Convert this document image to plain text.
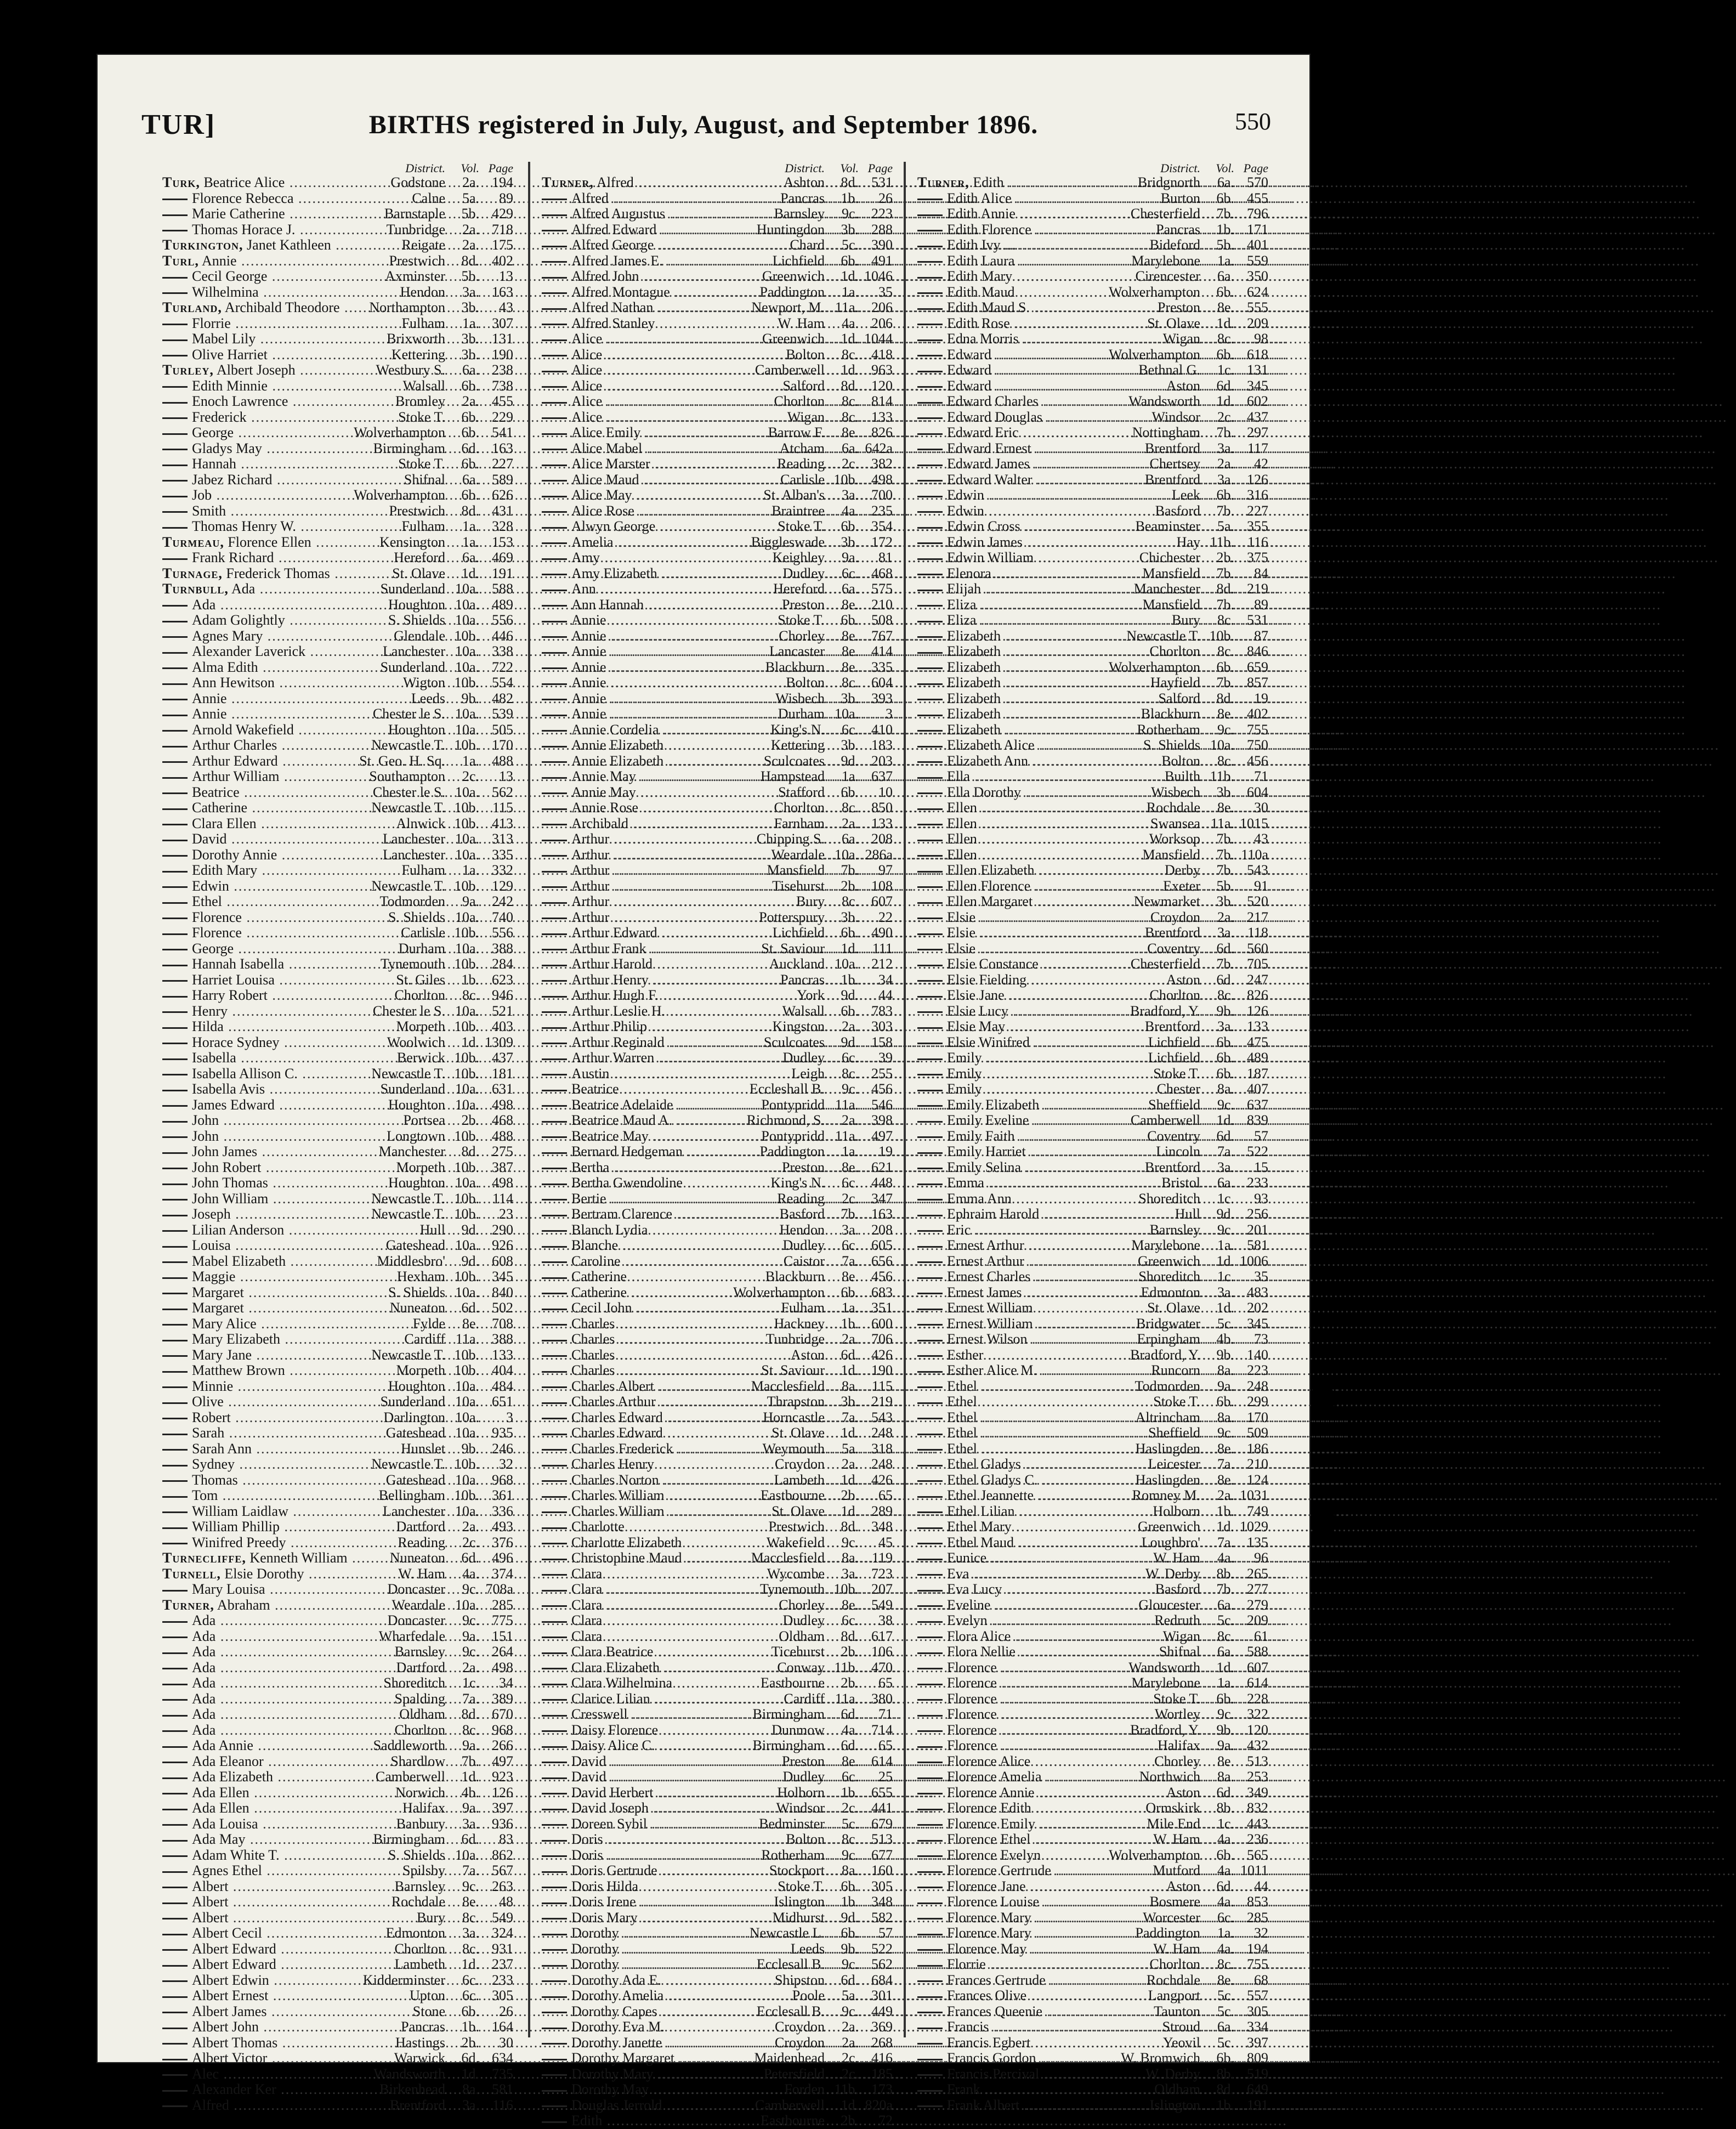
TUR]	BIRTHS registered in July, August, and September 1896.	550
District.	Vol. Page
Turk, Beatrice Alice .....	Godstone	2a. 194
Florence Rebecca .....	Calne	5a.	89
Marie Catherine .....	Barnstaple	5b. 429
Thomas Horace J. .....	Tunbridge	2a. 718
Turkington, Janet Kathleen .....	Reigate	2a. 175
Turl, Annie .....	Prestwich	8d. 402
Cecil George .....	Axminster	5b.	13
Wilhelmina .....	Hendon	3a. 163
Turland, Archibald Theodore .....	Northampton	3b.	43
Florrie .....	Fulham	1a. 307
Mabel Lily .....	Brixworth	3b. 131
Olive Harriet .....	Kettering	3b. 190
Turley, Albert Joseph .....	Westbury S.	6a. 238
Edith Minnie .....	Walsall	6b. 738
Enoch Lawrence .....	Bromley	2a. 455
Frederick .....	Stoke T.	6b. 229
George .....	Wolverhampton	6b. 541
Gladys May .....	Birmingham	6d. 163
Hannah .....	Stoke T.	6b. 227
Jabez Richard .....	Shifnal	6a. 589
Job .....	Wolverhampton	6b. 626
Smith .....	Prestwich	8d. 431
Thomas Henry W. .....	Fulham	1a. 328
Turmeau, Florence Ellen .....	Kensington	1a. 153
Frank Richard .....	Hereford	6a. 469
Turnage, Frederick Thomas .....	St. Olave	1d. 191
Turnbull, Ada .....	Sunderland 10a. 588
Ada .....	Houghton 10a. 489
Adam Golightly .....	S. Shields 10a. 556
Agnes Mary .....	Glendale 10b. 446
Alexander Laverick .....	Lanchester 10a. 338
Alma Edith .....	Sunderland 10a. 722
Ann Hewitson .....	Wigton 10b. 554
Annie .....	Leeds	9b. 482
Annie .....	Chester le S. 10a. 539
Arnold Wakefield .....	Houghton 10a. 505
Arthur Charles .....	Newcastle T. 10b. 170
Arthur Edward .....	St. Geo. H. Sq.	1a. 488
Arthur William .....	Southampton	2c.	13
Beatrice .....	Chester le S. 10a. 562
Catherine .....	Newcastle T. 10b. 115
Clara Ellen .....	Alnwick 10b. 413
David .....	Lanchester 10a. 313
Dorothy Annie .....	Lanchester 10a. 335
Edith Mary .....	Fulham	1a. 332
Edwin .....	Newcastle T. 10b. 129
Ethel .....	Todmorden	9a. 242
Florence .....	S. Shields 10a. 740
Florence .....	Carlisle 10b. 556
George .....	Durham 10a. 388
Hannah Isabella .....	Tynemouth 10b. 284
Harriet Louisa .....	St. Giles	1b. 623
Harry Robert .....	Chorlton	8c. 946
Henry .....	Chester le S. 10a. 521
Hilda .....	Morpeth 10b. 403
Horace Sydney .....	Woolwich	1d. 1309
Isabella .....	Berwick 10b. 437
Isabella Allison C. .....	Newcastle T. 10b. 181
Isabella Avis .....	Sunderland 10a. 631
James Edward .....	Houghton 10a. 498
John .....	Portsea	2b. 468
John .....	Longtown 10b. 488
John James .....	Manchester	8d. 275
John Robert .....	Morpeth 10b. 387
John Thomas .....	Houghton 10a. 498
John William .....	Newcastle T. 10b. 114
Joseph .....	Newcastle T. 10b.	23
Lilian Anderson .....	Hull	9d. 290
Louisa .....	Gateshead 10a. 926
Mabel Elizabeth .....	Middlesbro'	9d. 608
Maggie .....	Hexham 10b. 345
Margaret .....	S. Shields 10a. 840
Margaret .....	Nuneaton	6d. 502
Mary Alice .....	Fylde	8e. 708
Mary Elizabeth .....	Cardiff 11a. 388
Mary Jane .....	Newcastle T. 10b. 133
Matthew Brown .....	Morpeth 10b. 404
Minnie .....	Houghton 10a. 484
Olive .....	Sunderland 10a. 651
Robert .....	Darlington 10a.	3
Sarah .....	Gateshead 10a. 935
Sarah Ann .....	Hunslet	9b. 246
Sydney .....	Newcastle T. 10b.	32
Thomas .....	Gateshead 10a. 968
Tom .....	Bellingham 10b. 361
William Laidlaw .....	Lanchester 10a. 336
William Phillip .....	Dartford	2a. 493
Winifred Preedy .....	Reading	2c. 376
Turnecliffe, Kenneth William .....	Nuneaton	6d. 496
Turnell, Elsie Dorothy .....	W. Ham	4a. 374
Mary Louisa .....	Doncaster	9c. 708a
Turner, Abraham .....	Weardale 10a. 285
Ada .....	Doncaster	9c. 775
Ada .....	Wharfedale	9a. 151
Ada .....	Barnsley	9c. 264
Ada .....	Dartford	2a. 498
Ada .....	Shoreditch	1c.	34
Ada .....	Spalding	7a. 389
Ada .....	Oldham	8d. 670
Ada .....	Chorlton	8c. 968
Ada Annie .....	Saddleworth	9a. 266
Ada Eleanor .....	Shardlow	7b. 497
Ada Elizabeth .....	Camberwell	1d. 923
Ada Ellen .....	Norwich	4b. 126
Ada Ellen .....	Halifax	9a. 397
Ada Louisa .....	Banbury	3a. 936
Ada May .....	Birmingham	6d.	83
Adam White T. .....	S. Shields 10a. 862
Agnes Ethel .....	Spilsby	7a. 567
Albert .....	Barnsley	9c. 263
Albert .....	Rochdale	8e.	48
Albert .....	Bury	8c. 549
Albert Cecil .....	Edmonton	3a. 324
Albert Edward .....	Chorlton	8c. 931
Albert Edward .....	Lambeth	1d. 237
Albert Edwin .....	Kidderminster	6c. 233
Albert Ernest .....	Upton	6c. 305
Albert James .....	Stone	6b.	26
Albert John .....	Pancras	1b. 164
Albert Thomas .....	Hastings	2b.	30
Albert Victor .....	Warwick	6d. 634
Alec .....	Wandsworth	1d. 735
Alexander Ker .....	Birkenhead	8a. 581
Alfred .....	Brentford	3a. 116
District.	Vol. Page
Turner, Alfred .....	Ashton	8d. 531
Alfred .....	Pancras	1b.	26
Alfred Augustus .....	Barnsley	9c. 223
Alfred Edward .....	Huntingdon	3b. 288
Alfred George .....	Chard	5c. 390
Alfred James E. .....	Lichfield	6b. 491
Alfred John .....	Greenwich	1d. 1046
Alfred Montague .....	Paddington	1a.	35
Alfred Nathan .....	Newport, M. 11a. 206
Alfred Stanley .....	W. Ham	4a. 206
Alice .....	Greenwich	1d. 1044
Alice .....	Bolton	8c. 418
Alice .....	Camberwell	1d. 963
Alice .....	Salford	8d. 120
Alice .....	Chorlton	8c. 814
Alice .....	Wigan	8c. 133
Alice Emily .....	Barrow F.	8e. 826
Alice Mabel .....	Atcham	6a. 642a
Alice Marster .....	Reading	2c. 382
Alice Maud .....	Carlisle 10b. 498
Alice May .....	St. Alban's	3a. 700
Alice Rose .....	Braintree	4a. 235
Alwyn George .....	Stoke T.	6b. 354
Amelia .....	Biggleswade	3b. 172
Amy .....	Keighley	9a.	81
Amy Elizabeth .....	Dudley	6c. 468
Ann .....	Hereford	6a. 575
Ann Hannah .....	Preston	8e. 210
Annie .....	Stoke T.	6b. 508
Annie .....	Chorley	8e. 767
Annie .....	Lancaster	8e. 414
Annie .....	Blackburn	8e. 335
Annie .....	Bolton	8c. 604
Annie .....	Wisbech	3b. 393
Annie .....	Durham 10a.	3
Annie Cordelia .....	King's N.	6c. 410
Annie Elizabeth .....	Kettering	3b. 183
Annie Elizabeth .....	Sculcoates	9d. 203
Annie May .....	Hampstead	1a. 637
Annie May .....	Stafford	6b.	10
Annie Rose .....	Chorlton	8c. 850
Archibald .....	Farnham	2a. 133
Arthur .....	Chipping S.	6a. 208
Arthur .....	Weardale 10a. 286a
Arthur .....	Mansfield	7b.	97
Arthur .....	Tisehurst	2b. 108
Arthur .....	Bury	8c. 607
Arthur .....	Potterspury	3b.	22
Arthur Edward .....	Lichfield	6b. 490
Arthur Frank .....	St. Saviour	1d. 111
Arthur Harold .....	Auckland 10a. 212
Arthur Henry .....	Pancras	1b.	34
Arthur Hugh F. .....	York	9d.	44
Arthur Leslie H. .....	Walsall	6b. 783
Arthur Philip .....	Kingston	2a. 303
Arthur Reginald .....	Sculcoates	9d. 158
Arthur Warren .....	Dudley	6c.	39
Austin .....	Leigh	8c. 255
Beatrice .....	Eccleshall B.	9c. 456
Beatrice Adelaide .....	Pontypridd 11a. 546
Beatrice Maud A. .....	Richmond, S.	2a. 398
Beatrice May .....	Pontypridd 11a. 497
Bernard Hedgeman .....	Paddington	1a.	19
Bertha .....	Preston	8e. 621
Bertha Gwendoline .....	King's N.	6c. 448
Bertie .....	Reading	2c. 347
Bertram Clarence .....	Basford	7b. 163
Blanch Lydia .....	Hendon	3a. 208
Blanche .....	Dudley	6c. 605
Caroline .....	Caistor	7a. 656
Catherine .....	Blackburn	8e. 456
Catherine .....	Wolverhampton	6b. 683
Cecil John .....	Fulham	1a. 351
Charles .....	Hackney	1b. 600
Charles .....	Tunbridge	2a. 706
Charles .....	Aston	6d. 426
Charles .....	St. Saviour	1d. 190
Charles Albert .....	Macclesfield	8a. 115
Charles Arthur .....	Thrapston	3b. 219
Charles Edward .....	Horncastle	7a. 543
Charles Edward .....	St. Olave	1d. 248
Charles Frederick .....	Weymouth	5a. 318
Charles Henry .....	Croydon	2a. 248
Charles Norton .....	Lambeth	1d. 426
Charles William .....	Eastbourne	2b.	65
Charles William .....	St. Olave	1d. 289
Charlotte .....	Prestwich	8d. 348
Charlotte Elizabeth .....	Wakefield	9c.	45
Christophine Maud .....	Macclesfield	8a. 119
Clara .....	Wycombe	3a. 723
Clara .....	Tynemouth 10b. 207
Clara .....	Chorley	8e. 549
Clara .....	Dudley	6c.	38
Clara .....	Oldham	8d. 617
Clara Beatrice .....	Ticehurst	2b. 106
Clara Elizabeth .....	Conway 11b. 470
Clara Wilhelmina .....	Eastbourne	2b.	65
Clarice Lilian .....	Cardiff 11a. 380
Cresswell .....	Birmingham	6d.	71
Daisy Florence .....	Dunmow	4a. 714
Daisy Alice C. .....	Birmingham	6d.	65
David .....	Preston	8e. 614
David .....	Dudley	6c.	25
David Herbert .....	Holborn	1b. 655
David Joseph .....	Windsor	2c. 441
Doreen Sybil .....	Bedminster	5c. 679
Doris .....	Bolton	8c. 513
Doris .....	Rotherham	9c. 677
Doris Gertrude .....	Stockport	8a. 160
Doris Hilda .....	Stoke T.	6b. 305
Doris Irene .....	Islington	1b. 348
Doris Mary .....	Midhurst	9d. 582
Dorothy .....	Newcastle L.	6b.	57
Dorothy .....	Leeds	9b. 522
Dorothy .....	Ecclesall B.	9c. 562
Dorothy Ada E. .....	Shipston	6d. 684
Dorothy Amelia .....	Poole	5a. 301
Dorothy Capes .....	Ecclesall B.	9c. 449
Dorothy Eva M. .....	Croydon	2a. 369
Dorothy Janette .....	Croydon	2a. 268
Dorothy Margaret .....	Maidenhead	2c. 416
Dorothy Mary .....	Petersfield	2c. 185
Dorothy May .....	Forden 11b. 173
Douglas Jerrold .....	Camberwell	1d. 820a
Edith .....	Eastbourne	2b.	72
District.	Vol. Page
Turner, Edith .....	Bridgnorth	6a. 570
Edith Alice .....	Burton	6b. 455
Edith Annie .....	Chesterfield	7b. 796
Edith Florence .....	Pancras	1b. 171
Edith Ivy .....	Bideford	5b. 401
Edith Laura .....	Marylebone	1a. 559
Edith Mary .....	Cirencester	6a. 350
Edith Maud .....	Wolverhampton	6b. 624
Edith Maud S. .....	Preston	8e. 555
Edith Rose .....	St. Olave	1d. 209
Edna Morris .....	Wigan	8c.	98
Edward .....	Wolverhampton	6b. 618
Edward .....	Bethnal G.	1c. 131
Edward .....	Aston	6d. 345
Edward Charles .....	Wandsworth	1d. 602
Edward Douglas .....	Windsor	2c. 437
Edward Eric .....	Nottingham	7b. 297
Edward Ernest .....	Brentford	3a. 117
Edward James .....	Chertsey	2a.	42
Edward Walter .....	Brentford	3a. 126
Edwin .....	Leek	6b. 316
Edwin .....	Basford	7b. 227
Edwin Cross .....	Beaminster	5a. 355
Edwin James .....	Hay 11b. 116
Edwin William .....	Chichester	2b. 375
Elenora .....	Mansfield	7b.	84
Elijah .....	Manchester	8d. 219
Eliza .....	Mansfield	7b.	89
Eliza .....	Bury	8c. 531
Elizabeth .....	Newcastle T. 10b.	87
Elizabeth .....	Chorlton	8c. 846
Elizabeth .....	Wolverhampton	6b. 659
Elizabeth .....	Hayfield	7b. 857
Elizabeth .....	Salford	8d.	19
Elizabeth .....	Blackburn	8e. 402
Elizabeth .....	Rotherham	9c. 755
Elizabeth Alice .....	S. Shields 10a. 750
Elizabeth Ann .....	Bolton	8c. 456
Ella .....	Builth 11b.	71
Ella Dorothy .....	Wisbech	3b. 604
Ellen .....	Rochdale	8e.	30
Ellen .....	Swansea 11a. 1015
Ellen .....	Worksop	7b.	43
Ellen .....	Mansfield	7b. 110a
Ellen Elizabeth .....	Derby	7b. 543
Ellen Florence .....	Exeter	5b.	91
Ellen Margaret .....	Newmarket	3b. 520
Elsie .....	Croydon	2a. 217
Elsie .....	Brentford	3a. 118
Elsie .....	Coventry	6d. 560
Elsie Constance .....	Chesterfield	7b. 705
Elsie Fielding .....	Aston	6d. 247
Elsie Jane .....	Chorlton	8c. 826
Elsie Lucy .....	Bradford, Y.	9b. 126
Elsie May .....	Brentford	3a. 133
Elsie Winifred .....	Lichfield	6b. 475
Emily .....	Lichfield	6b. 489
Emily .....	Stoke T.	6b. 187
Emily .....	Chester	8a. 407
Emily Elizabeth .....	Sheffield	9c. 637
Emily Eveline .....	Camberwell	1d. 839
Emily Faith .....	Coventry	6d.	57
Emily Harriet .....	Lincoln	7a. 522
Emily Selina .....	Brentford	3a.	15
Emma .....	Bristol	6a. 233
Emma Ann .....	Shoreditch	1c.	93
Ephraim Harold .....	Hull	9d. 256
Eric .....	Barnsley	9c. 201
Ernest Arthur .....	Marylebone	1a. 581
Ernest Arthur .....	Greenwich	1d. 1006
Ernest Charles .....	Shoreditch	1c.	35
Ernest James .....	Edmonton	3a. 483
Ernest William .....	St. Olave	1d. 202
Ernest William .....	Bridgwater	5c. 345
Ernest Wilson .....	Erpingham	4b.	73
Esther .....	Bradford, Y.	9b. 140
Esther Alice M. .....	Runcorn	8a. 223
Ethel .....	Todmorden	9a. 248
Ethel .....	Stoke T.	6b. 299
Ethel .....	Altrincham	8a. 170
Ethel .....	Sheffield	9c. 509
Ethel .....	Haslingden	8e. 186
Ethel Gladys .....	Leicester	7a. 210
Ethel Gladys C. .....	Haslingden	8e. 124
Ethel Jeannette .....	Romney M.	2a. 1031
Ethel Lilian .....	Holborn	1b. 749
Ethel Mary .....	Greenwich	1d. 1029
Ethel Maud .....	Loughbro'	7a. 135
Eunice .....	W. Ham	4a.	96
Eva .....	W. Derby	8b. 265
Eva Lucy .....	Basford	7b. 277
Eveline .....	Gloucester	6a. 279
Evelyn .....	Redruth	5c. 209
Flora Alice .....	Wigan	8c.	61
Flora Nellie .....	Shifnal	6a. 588
Florence .....	Wandsworth	1d. 607
Florence .....	Marylebone	1a. 614
Florence .....	Stoke T.	6b. 228
Florence .....	Wortley	9c. 322
Florence .....	Bradford, Y.	9b. 120
Florence .....	Halifax	9a. 432
Florence Alice .....	Chorley	8e. 513
Florence Amelia .....	Northwich	8a. 253
Florence Annie .....	Aston	6d. 349
Florence Edith .....	Ormskirk	8b. 832
Florence Emily .....	Mile End	1c. 443
Florence Ethel .....	W. Ham	4a. 236
Florence Evelyn .....	Wolverhampton	6b. 565
Florence Gertrude .....	Mutford	4a. 1011
Florence Jane .....	Aston	6d.	44
Florence Louise .....	Bosmere	4a. 853
Florence Mary .....	Worcester	6c. 285
Florence Mary .....	Paddington	1a.	32
Florence May .....	W. Ham	4a. 194
Florrie .....	Chorlton	8c. 755
Frances Gertrude .....	Rochdale	8e.	68
Frances Olive .....	Langport	5c. 557
Frances Queenie .....	Taunton	5c. 305
Francis .....	Stroud	6a. 334
Francis Egbert .....	Yeovil	5c. 397
Francis Gordon .....	W. Bromwich	6b. 809
Francis Percival .....	W. Derby	8b. 519
Frank .....	Oldham	8d. 649
Frank Albert .....	Islington	1b. 191
